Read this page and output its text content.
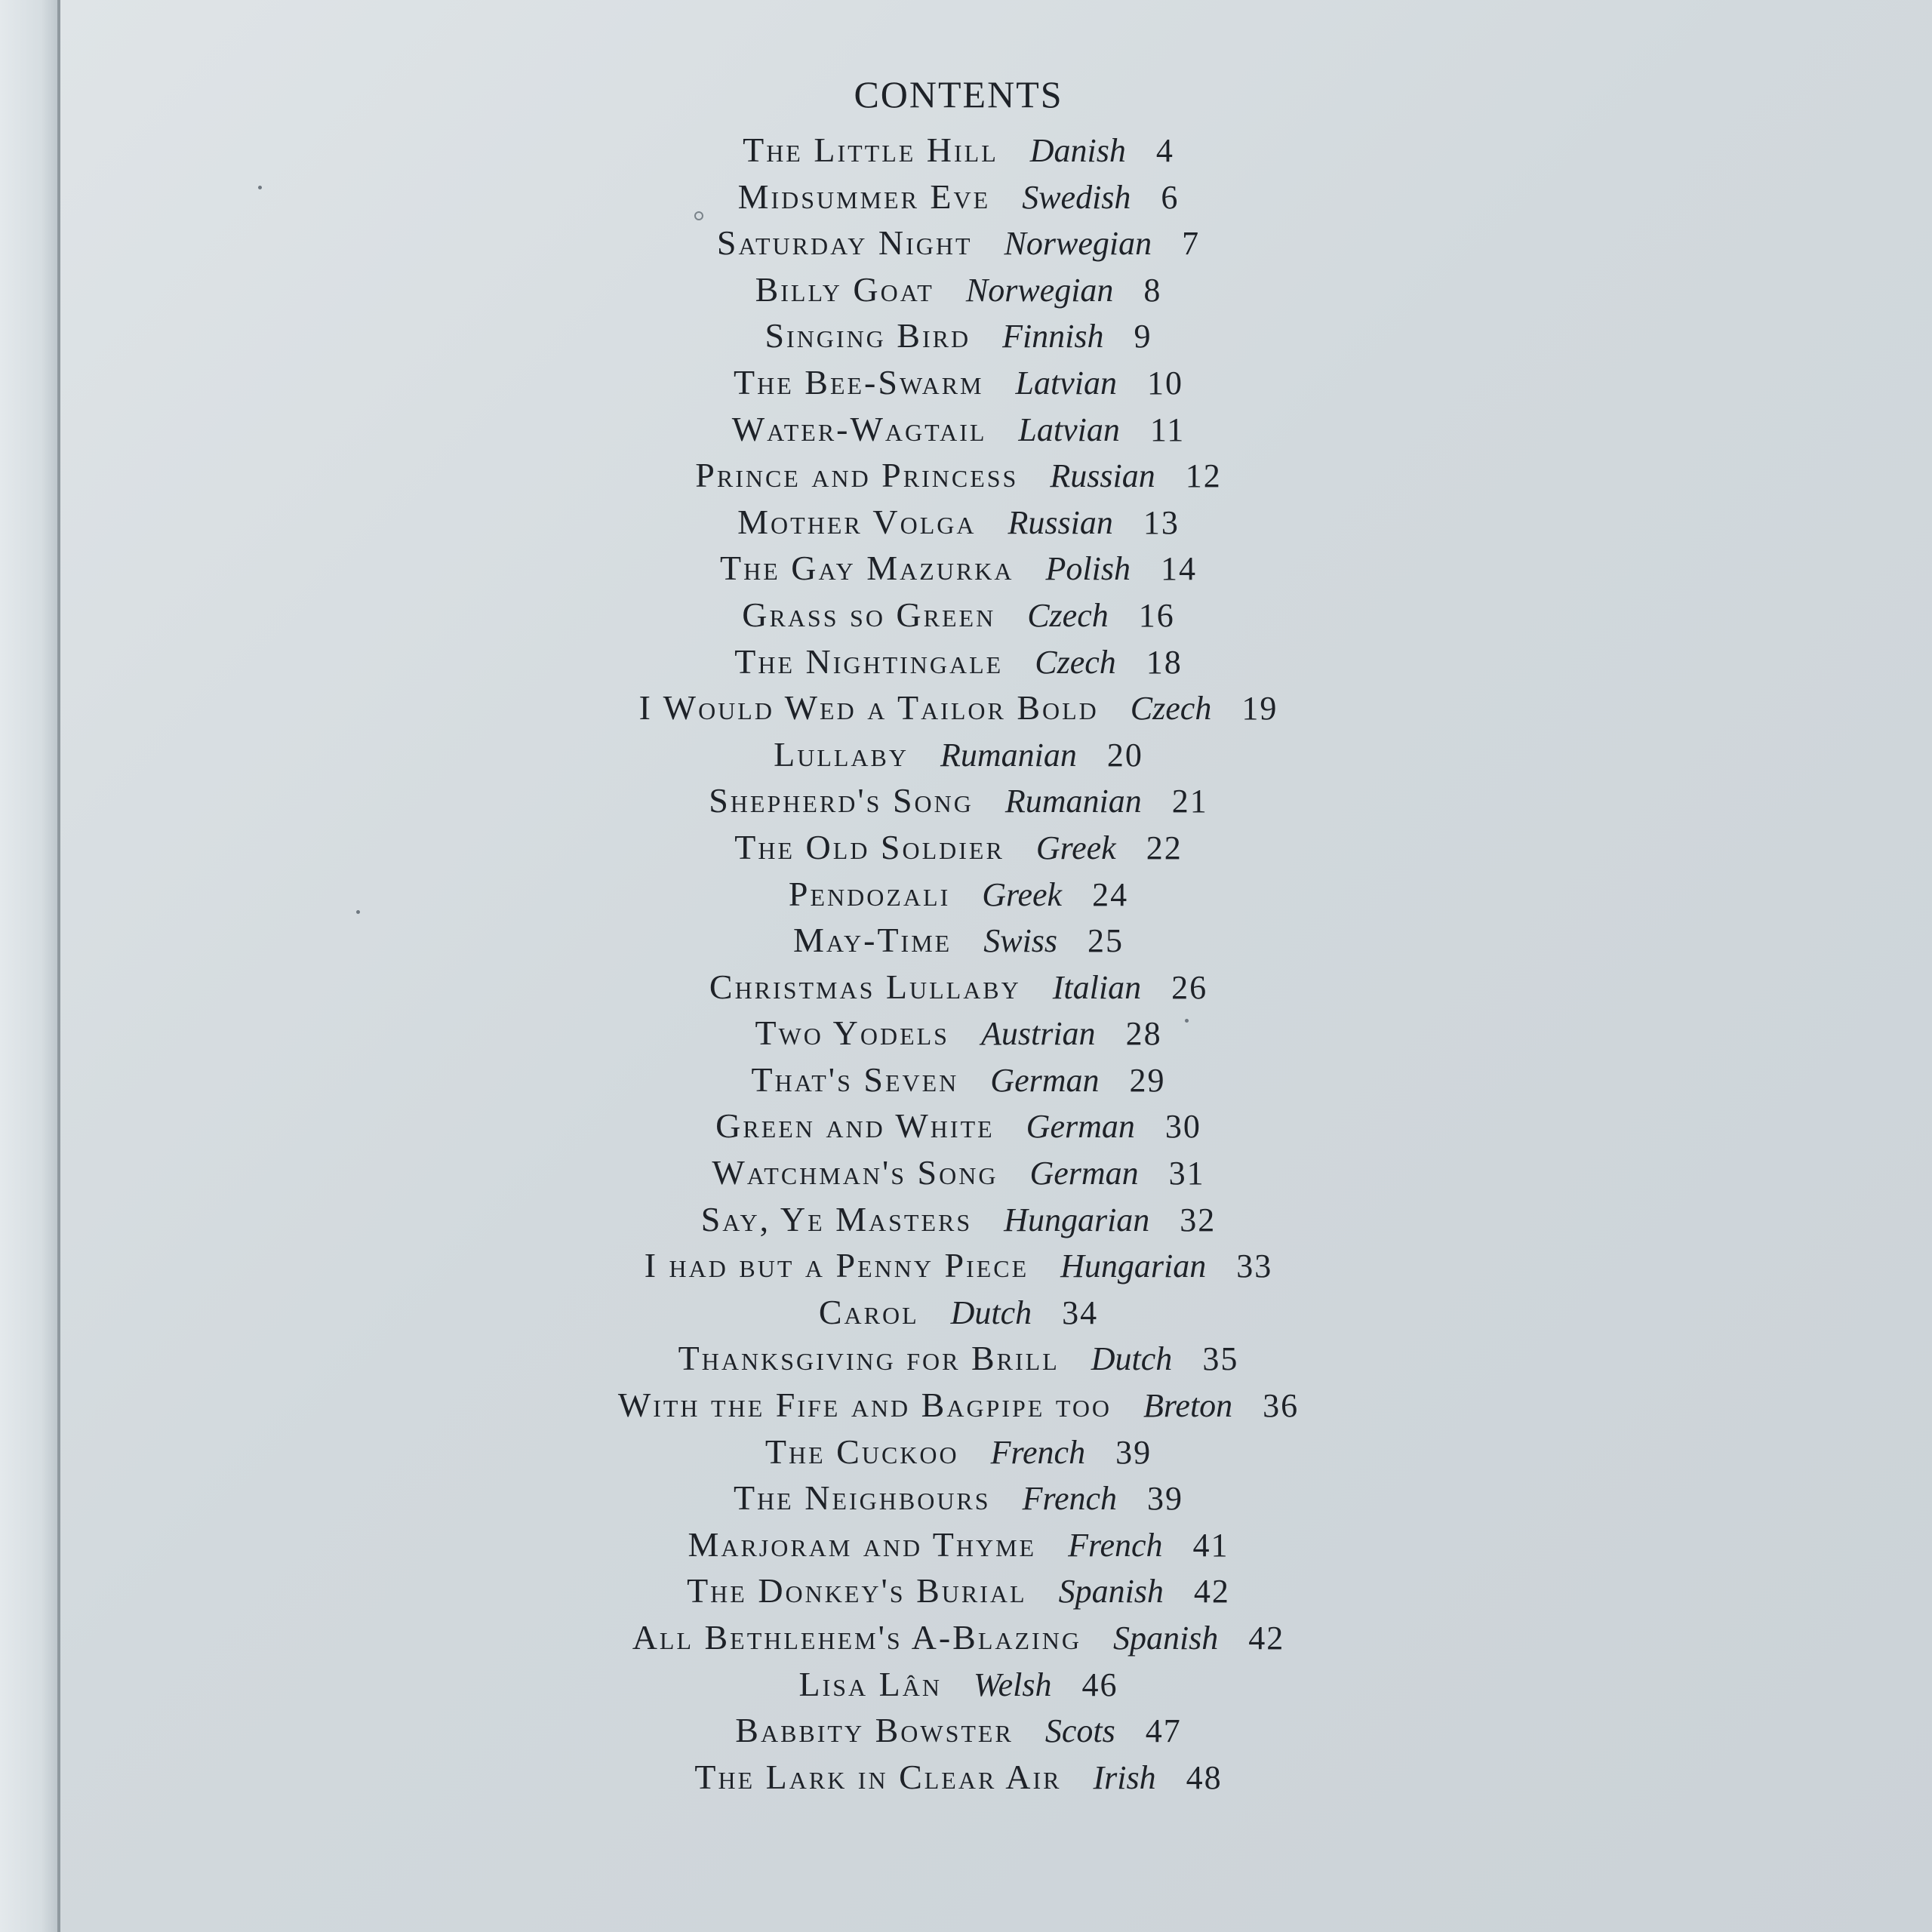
CONTENTS
The Little Hill Danish 4
Midsummer Eve Swedish 6
Saturday Night Norwegian 7
Billy Goat Norwegian 8
Singing Bird Finnish 9
The Bee-Swarm Latvian 10
Water-Wagtail Latvian 11
Prince and Princess Russian 12
Mother Volga Russian 13
The Gay Mazurka Polish 14
Grass so Green Czech 16
The Nightingale Czech 18
I Would Wed a Tailor Bold Czech 19
Lullaby Rumanian 20
Shepherd's Song Rumanian 21
The Old Soldier Greek 22
Pendozali Greek 24
May-Time Swiss 25
Christmas Lullaby Italian 26
Two Yodels Austrian 28
That's Seven German 29
Green and White German 30
Watchman's Song German 31
Say, Ye Masters Hungarian 32
I had but a Penny Piece Hungarian 33
Carol Dutch 34
Thanksgiving for Brill Dutch 35
With the Fife and Bagpipe too Breton 36
The Cuckoo French 39
The Neighbours French 39
Marjoram and Thyme French 41
The Donkey's Burial Spanish 42
All Bethlehem's A-Blazing Spanish 42
Lisa Lân Welsh 46
Babbity Bowster Scots 47
The Lark in Clear Air Irish 48
